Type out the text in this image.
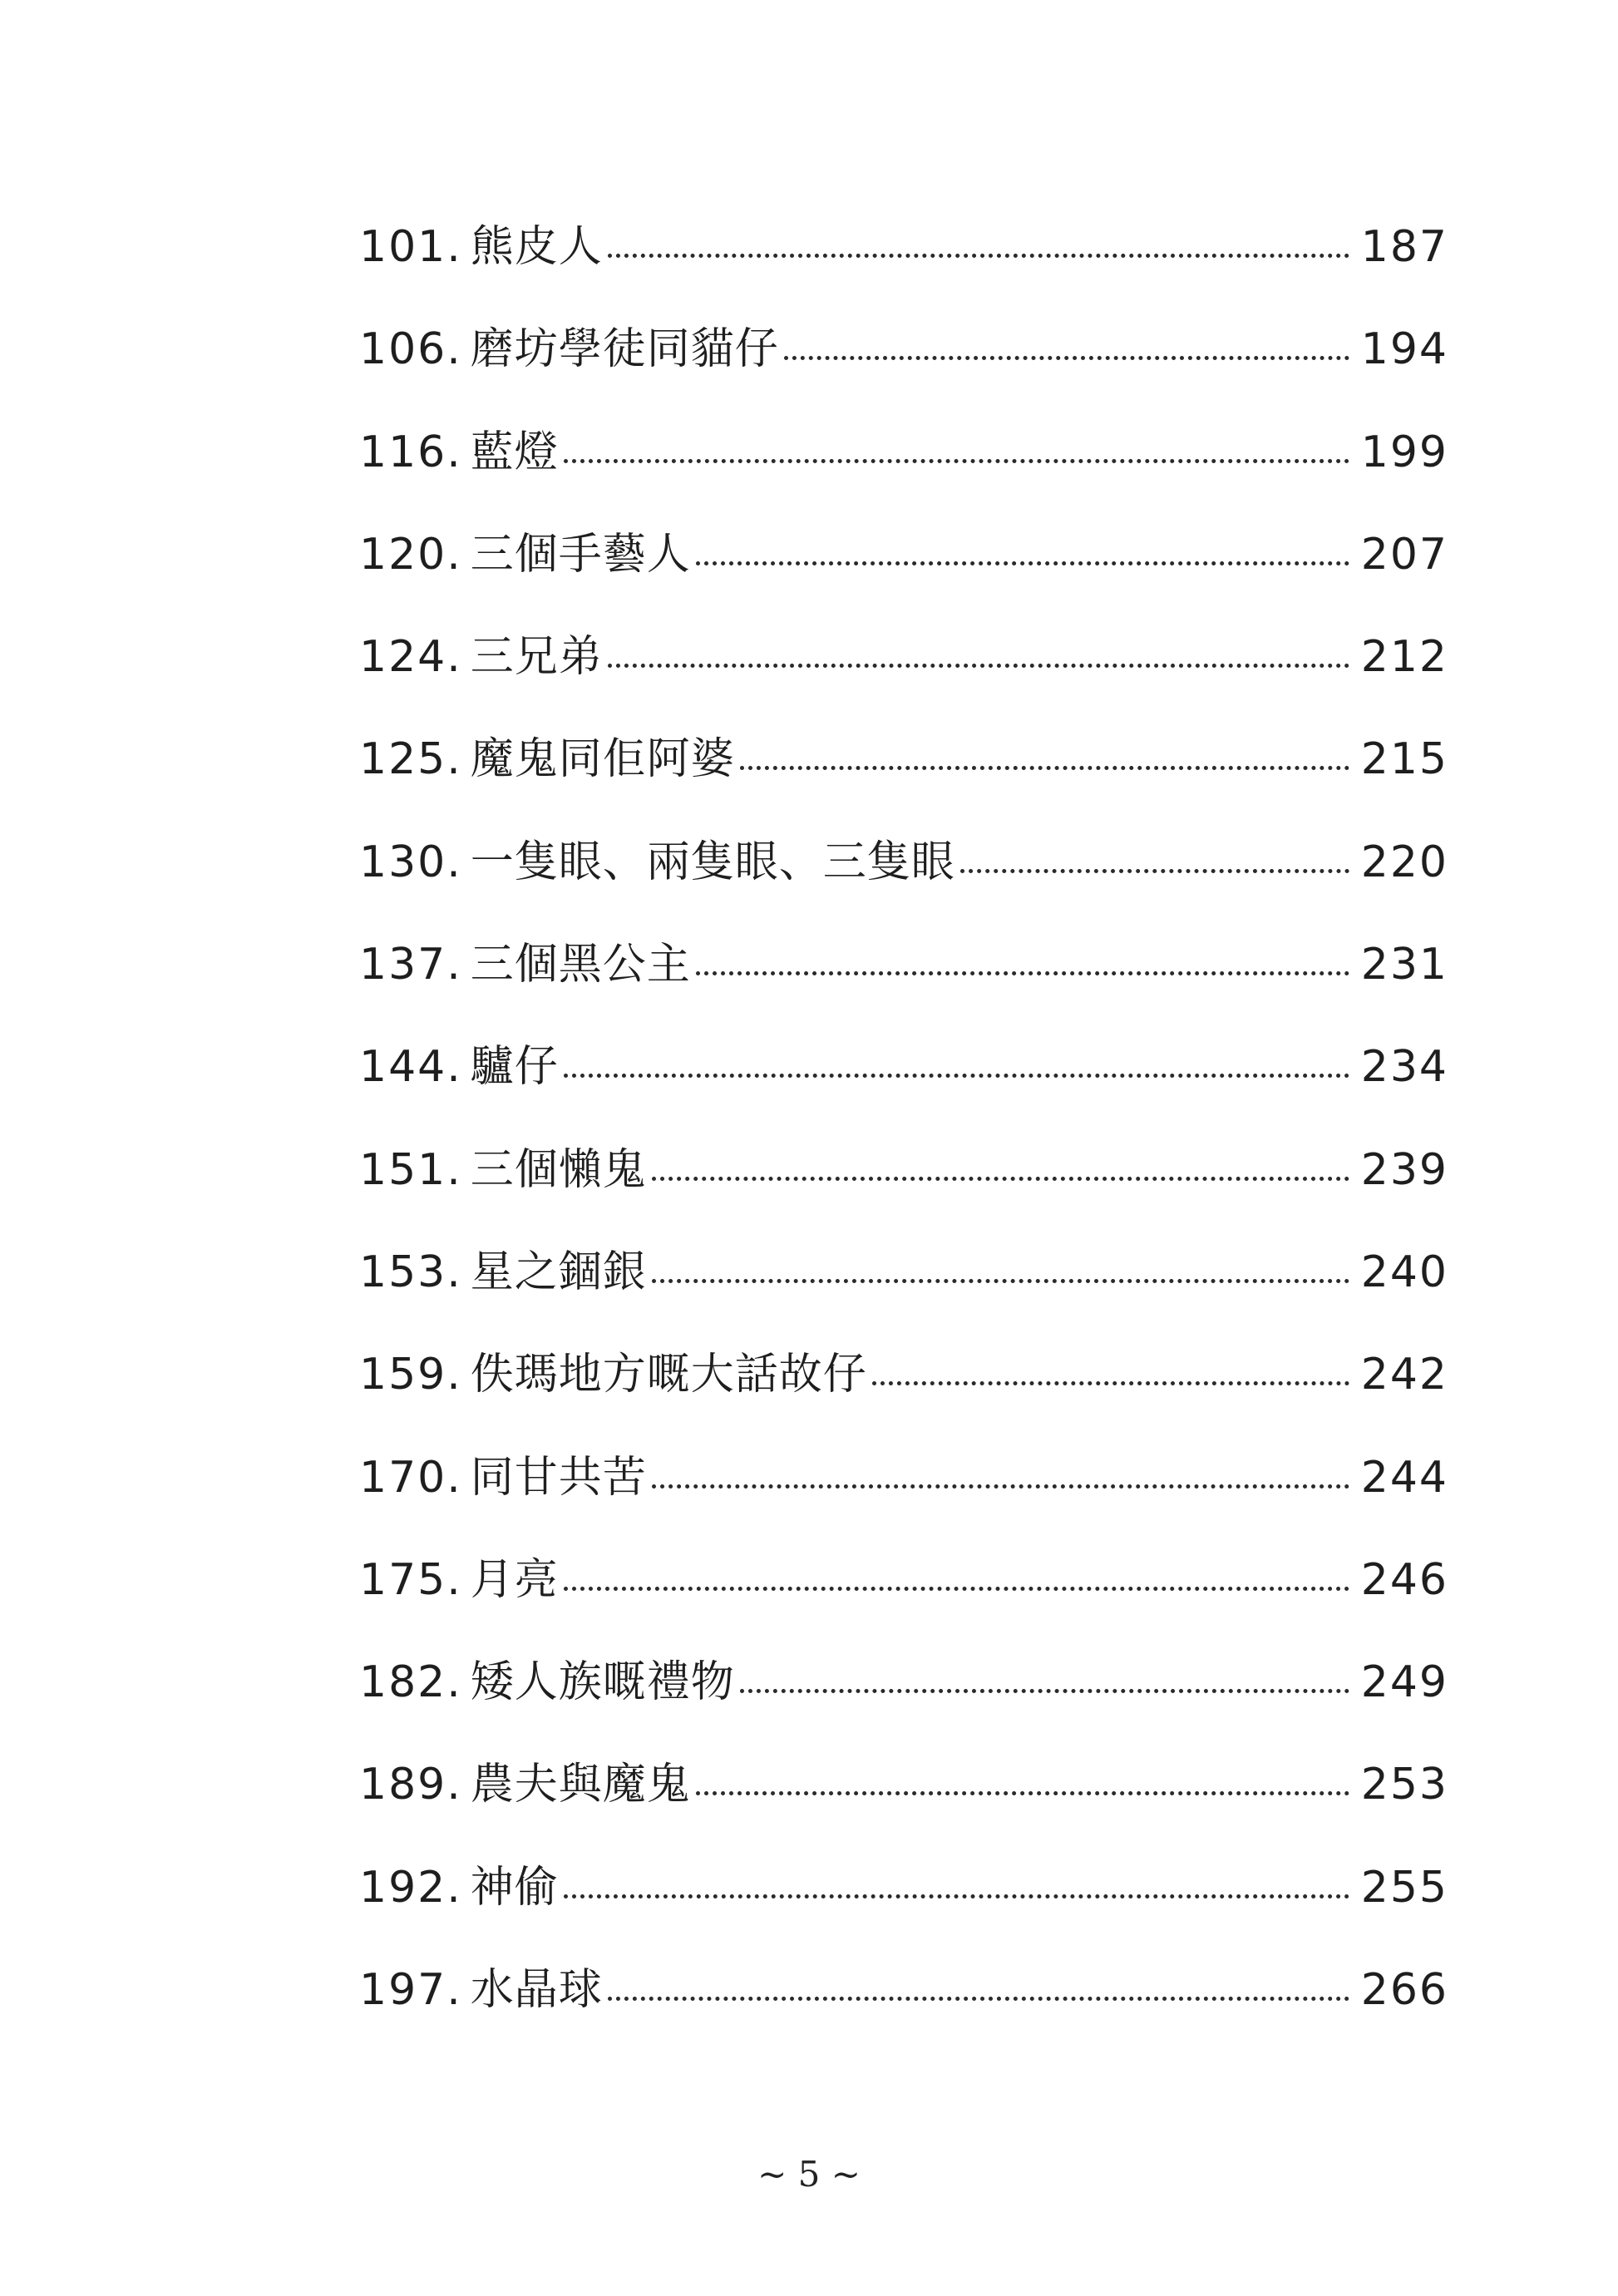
101. 熊皮人	187
106. 磨坊學徒同貓仔	194
116. 藍燈	199
120. 三個手藝人	207
124. 三兄弟	212
125. 魔鬼同佢阿婆	215
130. 一隻眼、兩隻眼、三隻眼	220
137. 三個黑公主	231
144. 驢仔	234
151. 三個懶鬼	239
153. 星之錮銀	240
159. 佚瑪地方嘅大話故仔	242
170. 同甘共苦	244
175. 月亮	246
182. 矮人族嘅禮物	249
189. 農夫與魔鬼	253
192. 神偷	255
197. 水晶球	266
~ 5 ~
